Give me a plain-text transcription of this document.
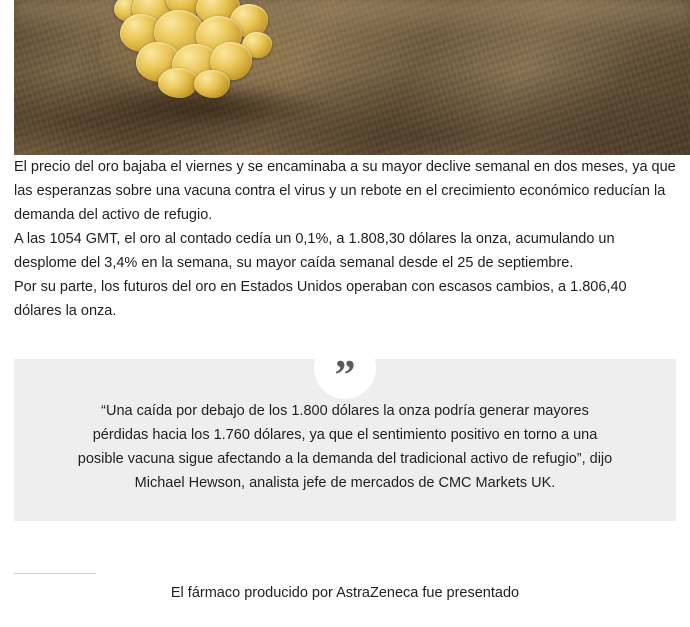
El precio del oro bajaba el viernes y se encaminaba a su mayor declive semanal en dos meses, ya que las esperanzas sobre una vacuna contra el virus y un rebote en el crecimiento económico reducían la demanda del activo de refugio.

A las 1054 GMT, el oro al contado cedía un 0,1%, a 1.808,30 dólares la onza, acumulando un desplome del 3,4% en la semana, su mayor caída semanal desde el 25 de septiembre.

Por su parte, los futuros del oro en Estados Unidos operaban con escasos cambios, a 1.806,40 dólares la onza.

”

“Una caída por debajo de los 1.800 dólares la onza podría generar mayores pérdidas hacia los 1.760 dólares, ya que el sentimiento positivo en torno a una posible vacuna sigue afectando a la demanda del tradicional activo de refugio”, dijo Michael Hewson, analista jefe de mercados de CMC Markets UK.

El fármaco producido por AstraZeneca fue presentado
